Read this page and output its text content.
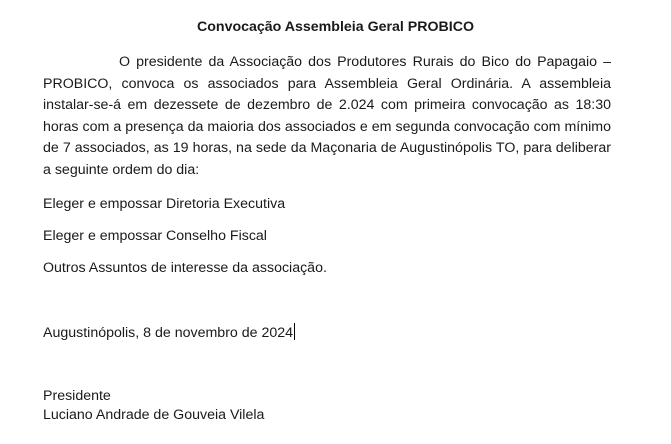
Convocação Assembleia Geral PROBICO

O presidente da Associação dos Produtores Rurais do Bico do Papagaio – PROBICO, convoca os associados para Assembleia Geral Ordinária. A assembleia instalar-se-á em dezessete de dezembro de 2.024 com primeira convocação as 18:30 horas com a presença da maioria dos associados e em segunda convocação com mínimo de 7 associados, as 19 horas, na sede da Maçonaria de Augustinópolis TO, para deliberar a seguinte ordem do dia:

Eleger e empossar Diretoria Executiva

Eleger e empossar Conselho Fiscal

Outros Assuntos de interesse da associação.

Augustinópolis, 8 de novembro de 2024

Presidente

Luciano Andrade de Gouveia Vilela
